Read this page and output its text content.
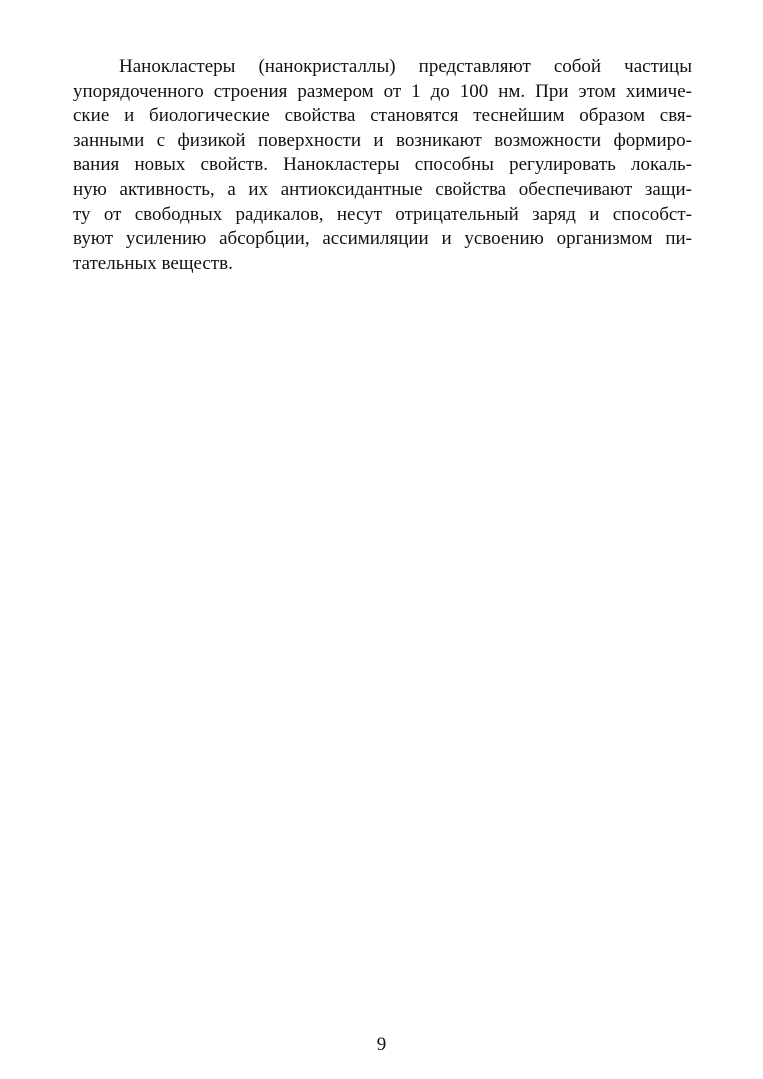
Нанокластеры (нанокристаллы) представляют собой частицы
упорядоченного строения размером от 1 до 100 нм. При этом химиче-
ские и биологические свойства становятся теснейшим образом свя-
занными с физикой поверхности и возникают возможности формиро-
вания новых свойств. Нанокластеры способны регулировать локаль-
ную активность, а их антиоксидантные свойства обеспечивают защи-
ту от свободных радикалов, несут отрицательный заряд и способст-
вуют усилению абсорбции, ассимиляции и усвоению организмом пи-
тательных веществ.

9
